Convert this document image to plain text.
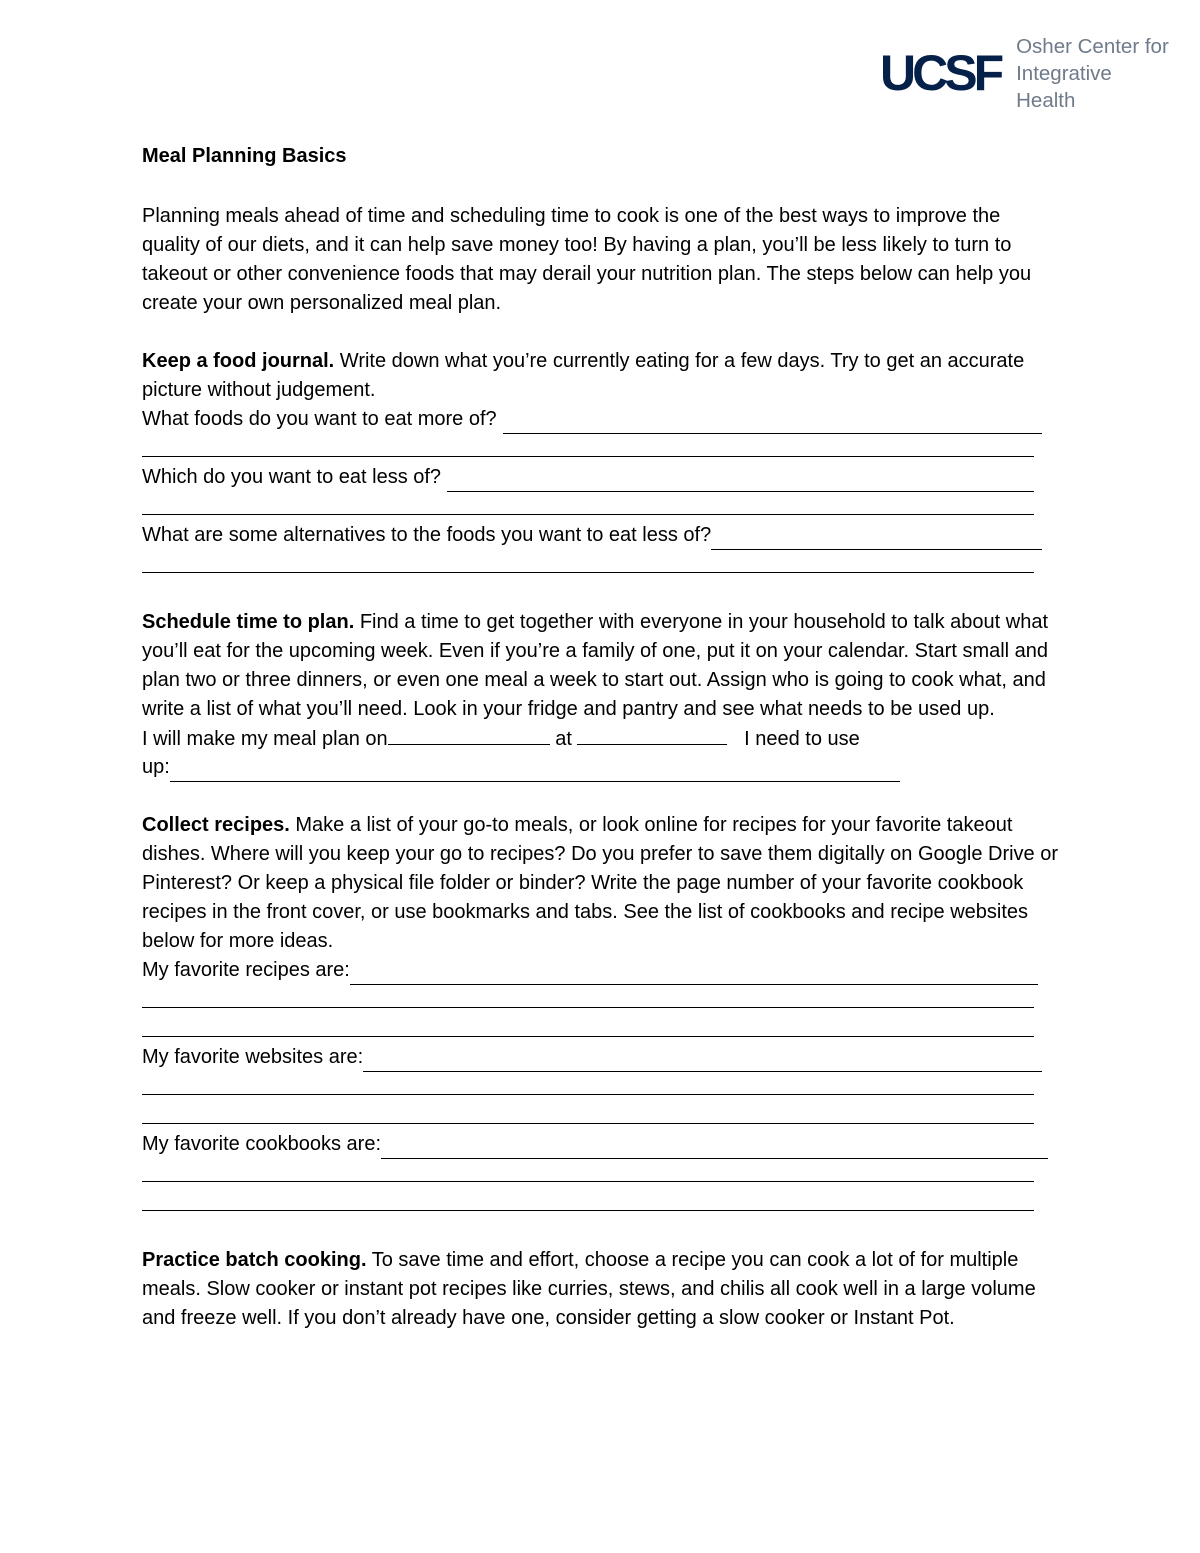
UCSF Osher Center for
Integrative Health

Meal Planning Basics

Planning meals ahead of time and scheduling time to cook is one of the best ways to improve the quality of our diets, and it can help save money too! By having a plan, you’ll be less likely to turn to takeout or other convenience foods that may derail your nutrition plan. The steps below can help you create your own personalized meal plan.

Keep a food journal. Write down what you’re currently eating for a few days. Try to get an accurate picture without judgement.

What foods do you want to eat more of?
Which do you want to eat less of?
What are some alternatives to the foods you want to eat less of?

Schedule time to plan. Find a time to get together with everyone in your household to talk about what you’ll eat for the upcoming week. Even if you’re a family of one, put it on your calendar. Start small and plan two or three dinners, or even one meal a week to start out. Assign who is going to cook what, and write a list of what you’ll need. Look in your fridge and pantry and see what needs to be used up.

I will make my meal plan on	at	I need to use
up:

Collect recipes. Make a list of your go-to meals, or look online for recipes for your favorite takeout dishes. Where will you keep your go to recipes? Do you prefer to save them digitally on Google Drive or Pinterest? Or keep a physical file folder or binder? Write the page number of your favorite cookbook recipes in the front cover, or use bookmarks and tabs. See the list of cookbooks and recipe websites below for more ideas.

My favorite recipes are:
My favorite websites are:
My favorite cookbooks are:

Practice batch cooking. To save time and effort, choose a recipe you can cook a lot of for multiple meals. Slow cooker or instant pot recipes like curries, stews, and chilis all cook well in a large volume and freeze well. If you don’t already have one, consider getting a slow cooker or Instant Pot.
